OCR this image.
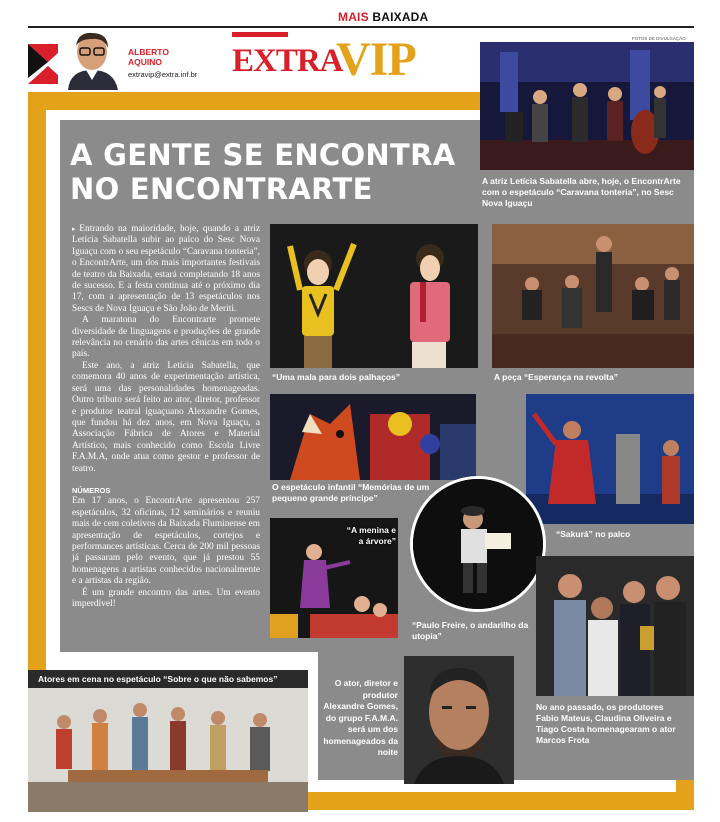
MAIS BAIXADA
ALBERTO
AQUINO
extravip@extra.inf.br EXTRA
VIP	FOTOS DE DIVULGAÇÃO
A GENTE SE ENCONTRA
NO ENCONTRARTE

▸ Entrando na maioridade, hoje, quando a atriz Letícia Sabatella subir ao palco do Sesc Nova Iguaçu com o seu espetáculo “Caravana tonteria”, o EncontrArte, um dos mais importantes festivais de teatro da Baixada, estará completando 18 anos de sucesso. E a festa continua até o próximo dia 17, com a apresentação de 13 espetáculos nos Sescs de Nova Iguaçu e São João de Meriti.

A maratona do Encontrarte promete diversidade de linguagens e produções de grande relevância no cenário das artes cênicas em todo o país.

Este ano, a atriz Letícia Sabatella, que comemora 40 anos de experimentação artística, será uma das personalidades homenageadas. Outro tributo será feito ao ator, diretor, professor e produtor teatral iguaçuano Alexandre Gomes, que fundou há dez anos, em Nova Iguaçu, a Associação Fábrica de Atores e Material Artístico, mais conhecido como Escola Livre F.A.M.A, onde atua como gestor e professor de teatro.

NÚMEROS

Em 17 anos, o EncontrArte apresentou 257 espetáculos, 32 oficinas, 12 seminários e reuniu mais de cem coletivos da Baixada Fluminense em apresentação de espetáculos, cortejos e performances artísticas. Cerca de 200 mil pessoas já passaram pelo evento, que já prestou 55 homenagens a artistas conhecidos nacionalmente e a artistas da região.

É um grande encontro das artes. Um evento imperdível!

A atriz Letícia Sabatella abre, hoje, o EncontrArte com o espetáculo “Caravana tonteria”, no Sesc Nova Iguaçu
“Uma mala para dois palhaços”	A peça “Esperança na revolta”
O espetáculo infantil “Memórias de um pequeno grande príncipe”
“Sakurá” no palco
“A menina e a árvore”
“Paulo Freire, o andarilho da utopia”
No ano passado, os produtores Fabio Mateus, Claudina Oliveira e Tiago Costa homenagearam o ator Marcos Frota
O ator, diretor e produtor Alexandre Gomes, do grupo F.A.M.A. será um dos homenageados da noite
Atores em cena no espetáculo “Sobre o que não sabemos”
